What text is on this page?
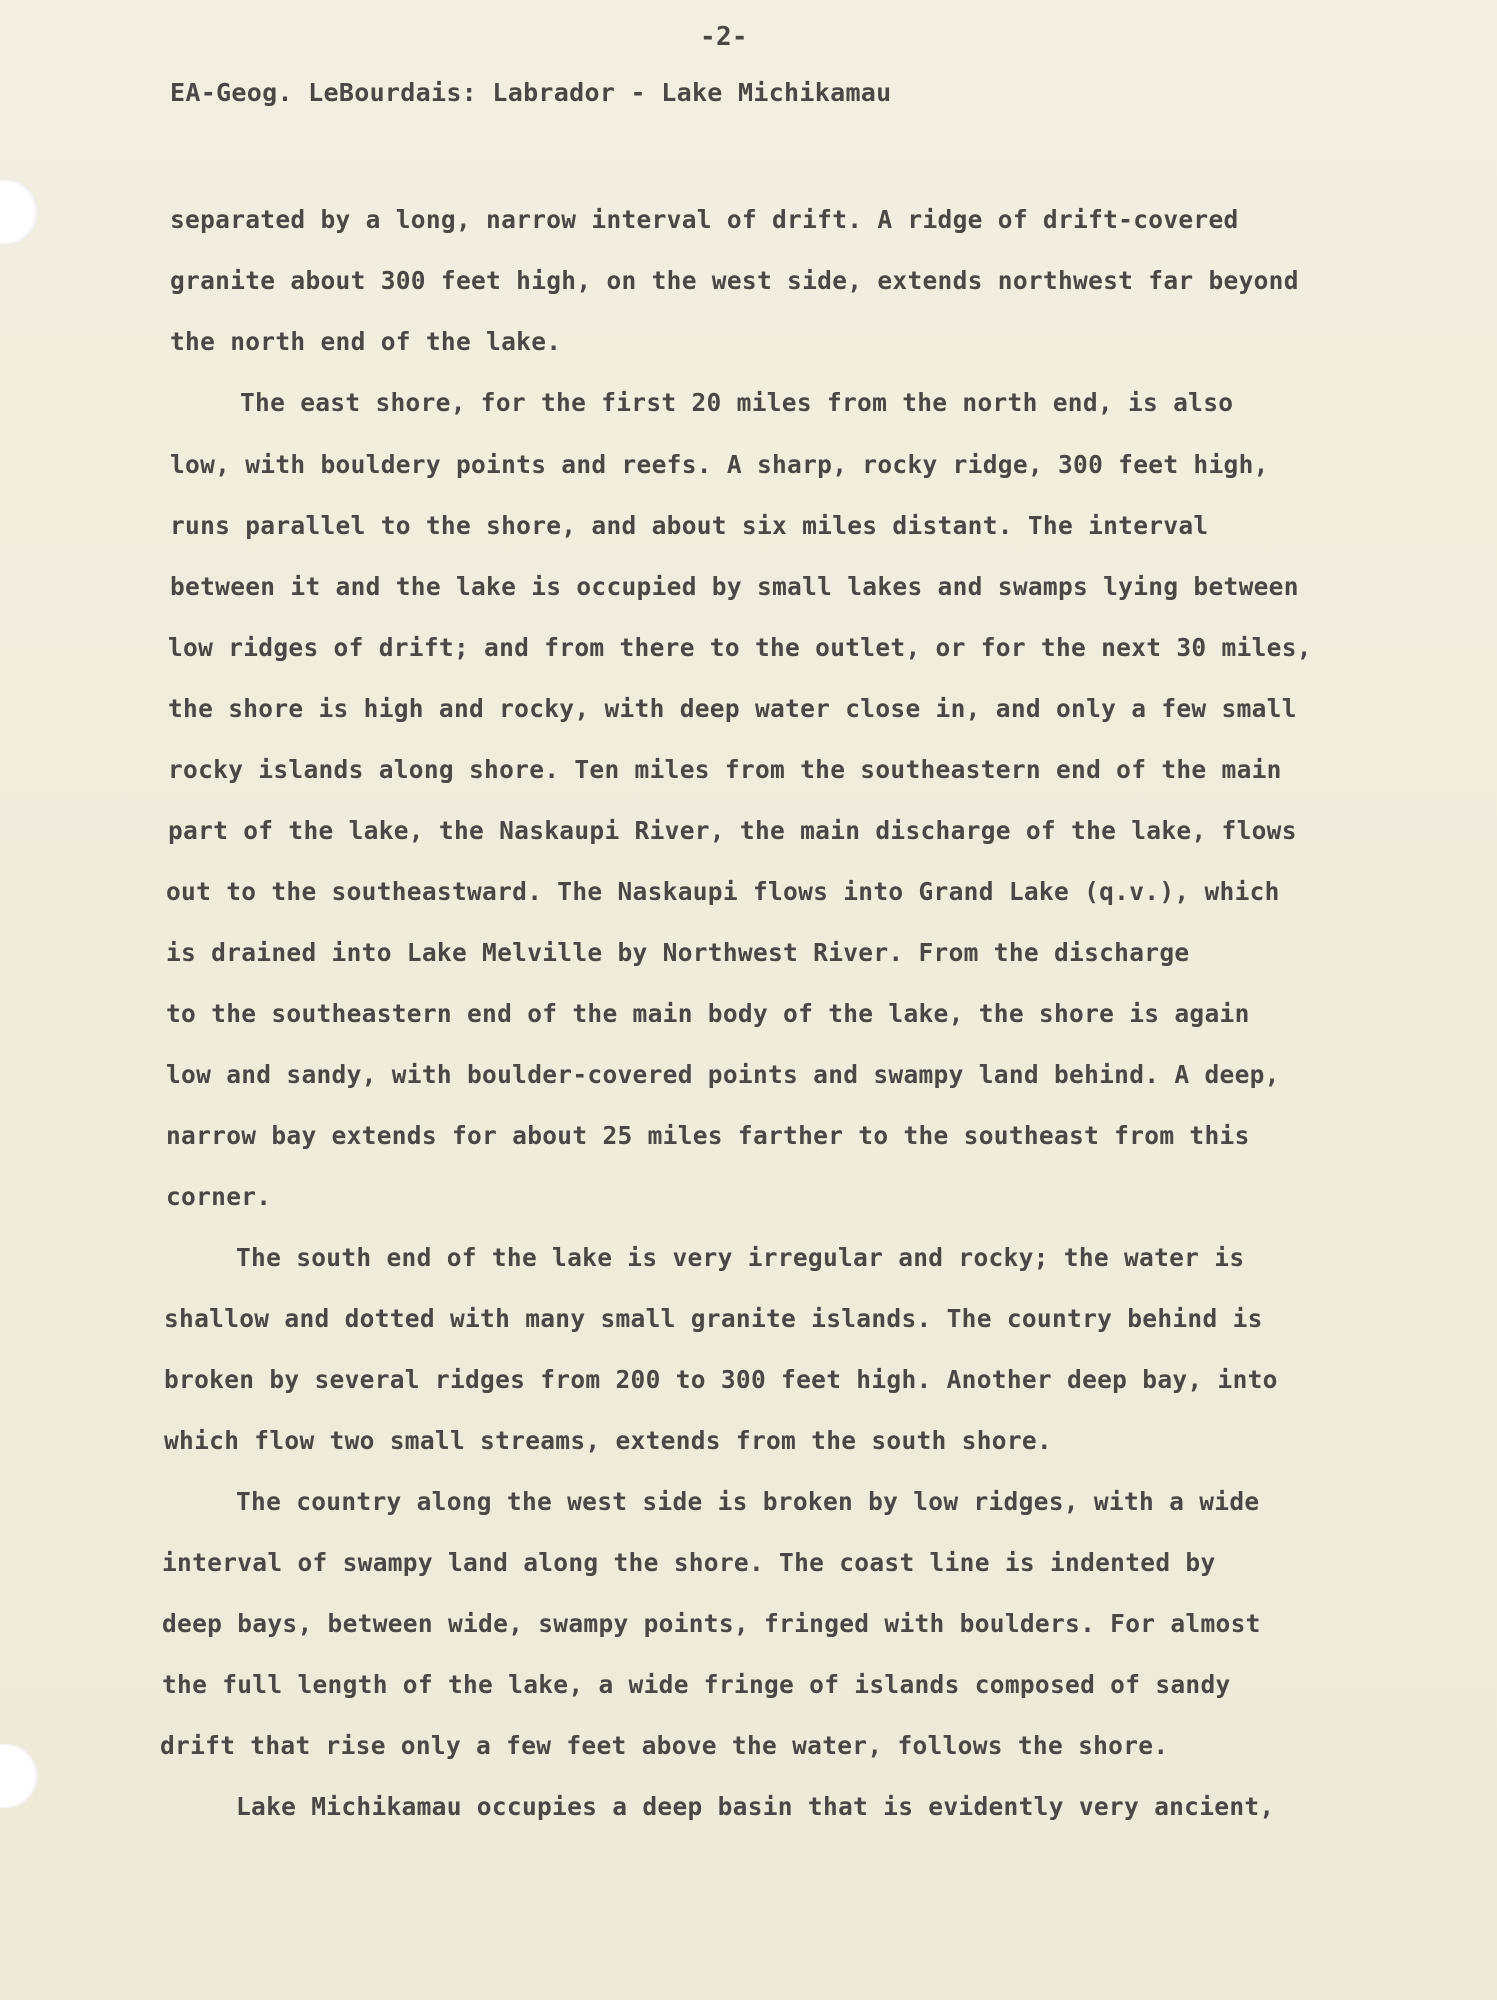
-2-
EA-Geog. LeBourdais: Labrador - Lake Michikamau
separated by a long, narrow interval of drift. A ridge of drift-covered
granite about 300 feet high, on the west side, extends northwest far beyond
the north end of the lake.
The east shore, for the first 20 miles from the north end, is also
low, with bouldery points and reefs. A sharp, rocky ridge, 300 feet high,
runs parallel to the shore, and about six miles distant. The interval
between it and the lake is occupied by small lakes and swamps lying between
low ridges of drift; and from there to the outlet, or for the next 30 miles,
the shore is high and rocky, with deep water close in, and only a few small
rocky islands along shore. Ten miles from the southeastern end of the main
part of the lake, the Naskaupi River, the main discharge of the lake, flows
out to the southeastward. The Naskaupi flows into Grand Lake (q.v.), which
is drained into Lake Melville by Northwest River. From the discharge
to the southeastern end of the main body of the lake, the shore is again
low and sandy, with boulder-covered points and swampy land behind. A deep,
narrow bay extends for about 25 miles farther to the southeast from this
corner.
The south end of the lake is very irregular and rocky; the water is
shallow and dotted with many small granite islands. The country behind is
broken by several ridges from 200 to 300 feet high. Another deep bay, into
which flow two small streams, extends from the south shore.
The country along the west side is broken by low ridges, with a wide
interval of swampy land along the shore. The coast line is indented by
deep bays, between wide, swampy points, fringed with boulders. For almost
the full length of the lake, a wide fringe of islands composed of sandy
drift that rise only a few feet above the water, follows the shore.
Lake Michikamau occupies a deep basin that is evidently very ancient,
